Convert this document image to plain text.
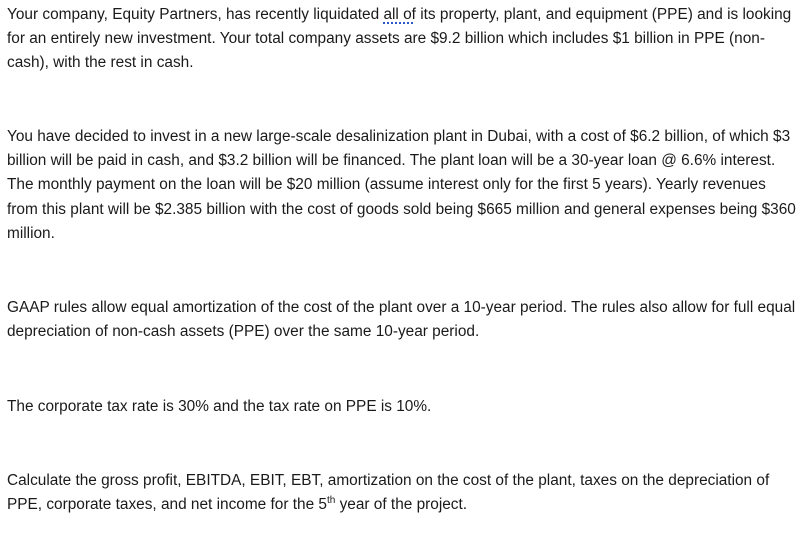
Your company, Equity Partners, has recently liquidated all of its property, plant, and equipment (PPE) and is looking for an entirely new investment. Your total company assets are $9.2 billion which includes $1 billion in PPE (non-cash), with the rest in cash.

You have decided to invest in a new large-scale desalinization plant in Dubai, with a cost of $6.2 billion, of which $3 billion will be paid in cash, and $3.2 billion will be financed. The plant loan will be a 30-year loan @ 6.6% interest. The monthly payment on the loan will be $20 million (assume interest only for the first 5 years). Yearly revenues from this plant will be $2.385 billion with the cost of goods sold being $665 million and general expenses being $360 million.

GAAP rules allow equal amortization of the cost of the plant over a 10-year period. The rules also allow for full equal depreciation of non-cash assets (PPE) over the same 10-year period.

The corporate tax rate is 30% and the tax rate on PPE is 10%.

Calculate the gross profit, EBITDA, EBIT, EBT, amortization on the cost of the plant, taxes on the depreciation of PPE, corporate taxes, and net income for the 5th year of the project.
